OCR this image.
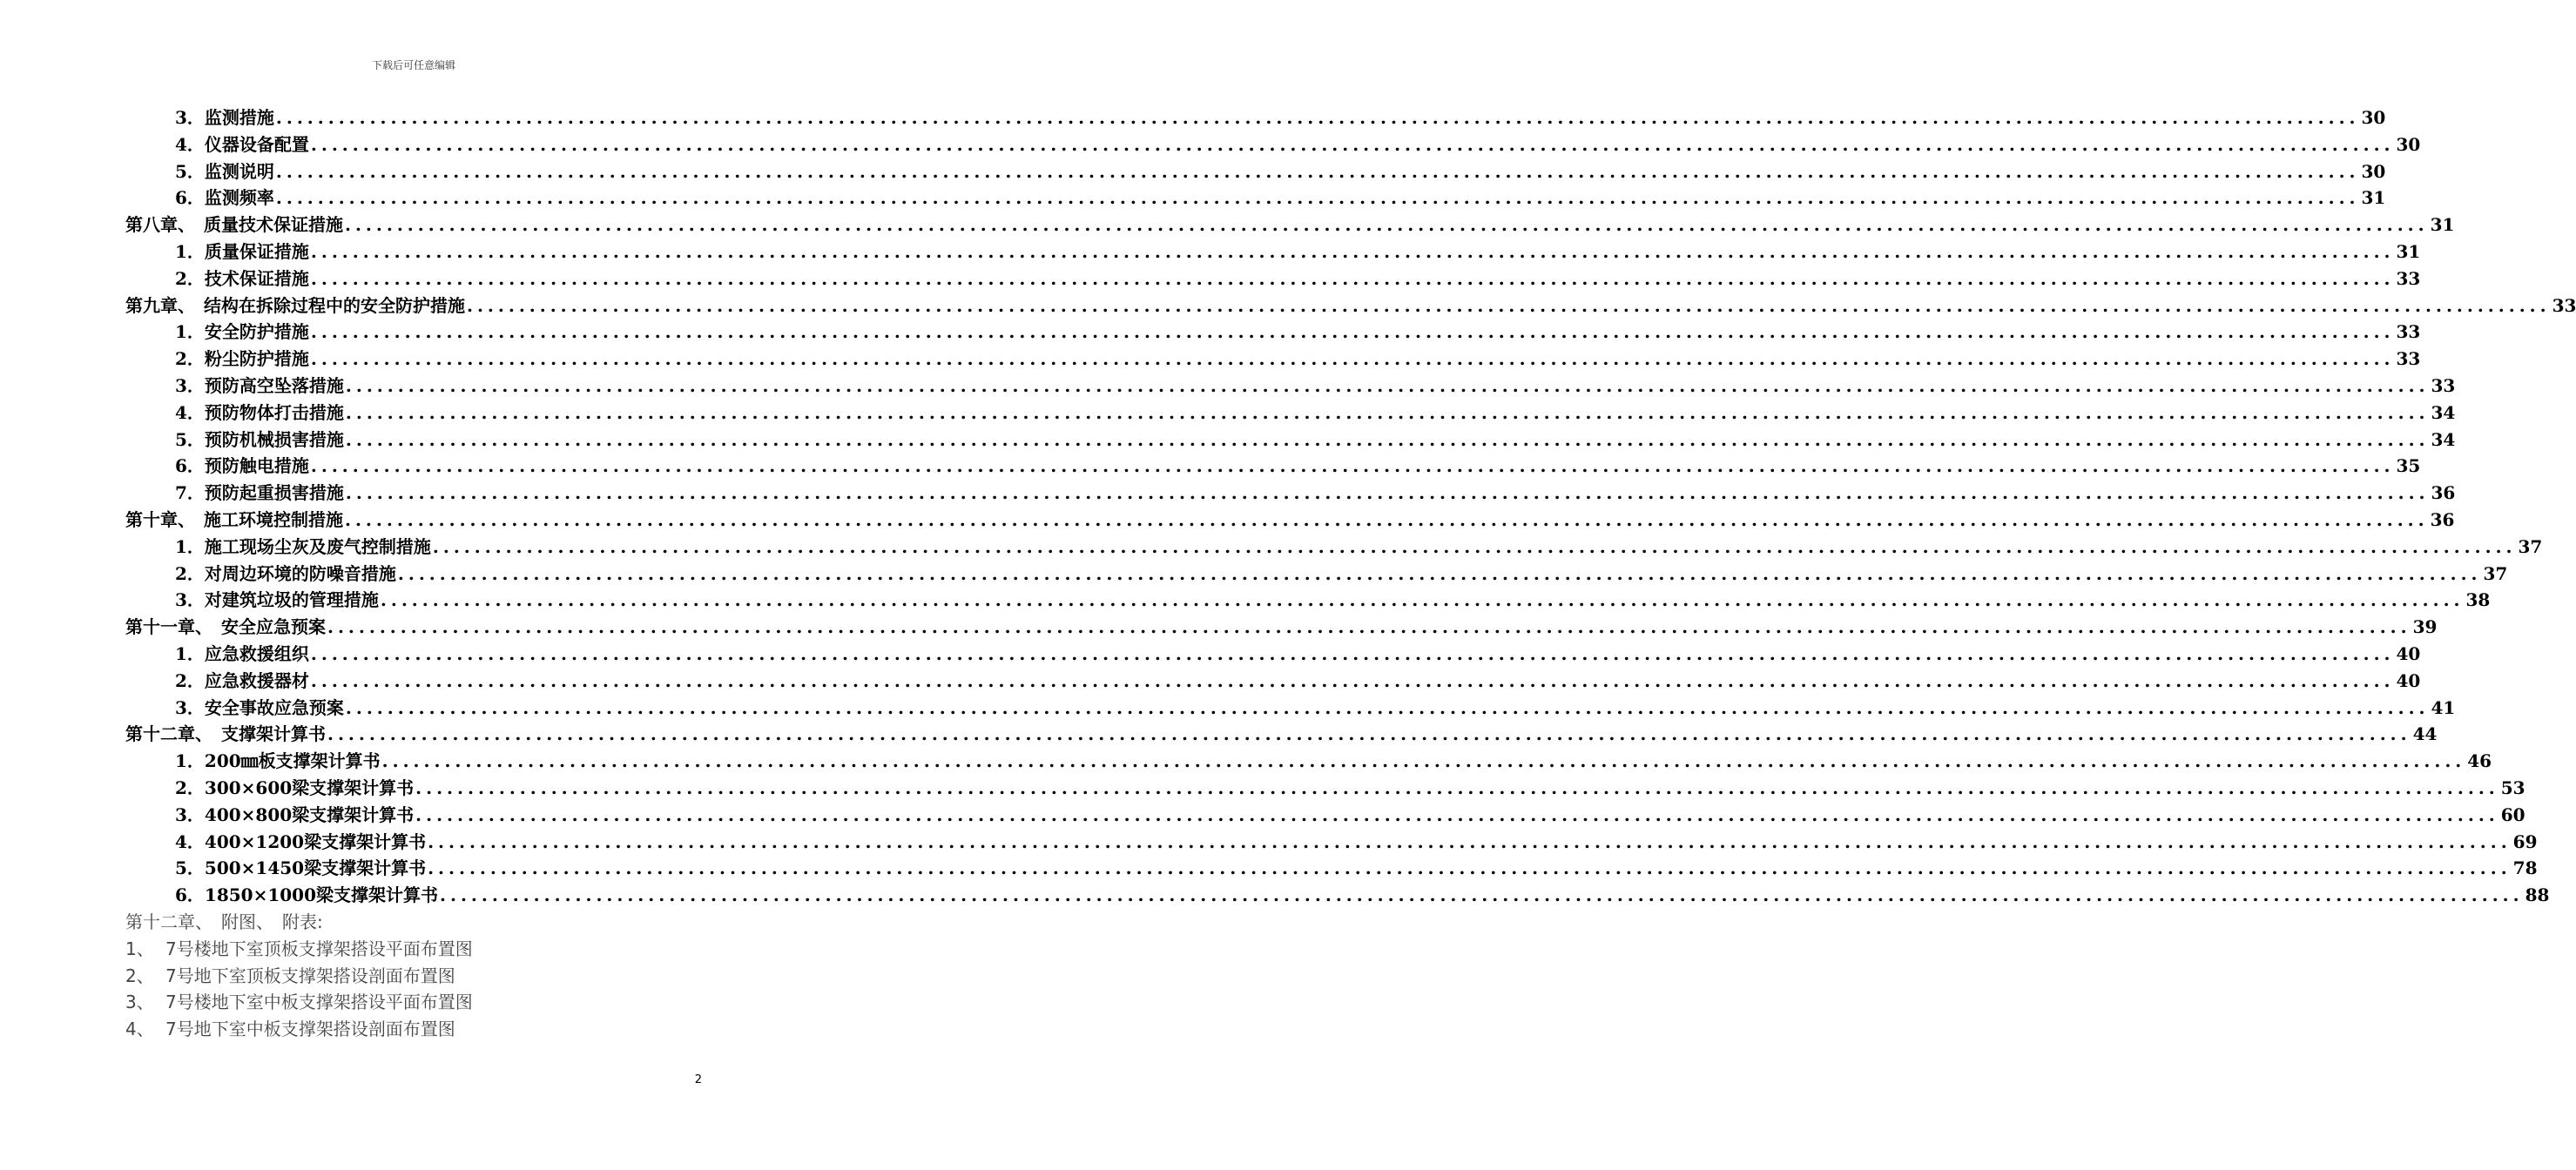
下载后可任意编辑
3．监测措施 ........................................................................................................................................................................................................ 30
4．仪器设备配置 ........................................................................................................................................................................................................ 30
5．监测说明 ........................................................................................................................................................................................................ 30
6．监测频率 ........................................................................................................................................................................................................ 31
第八章、　质量技术保证措施 ........................................................................................................................................................................................................ 31
1．质量保证措施 ........................................................................................................................................................................................................ 31
2．技术保证措施 ........................................................................................................................................................................................................ 33
第九章、　结构在拆除过程中的安全防护措施 ........................................................................................................................................................................................................ 33
1．安全防护措施 ........................................................................................................................................................................................................ 33
2．粉尘防护措施 ........................................................................................................................................................................................................ 33
3．预防高空坠落措施 ........................................................................................................................................................................................................ 33
4．预防物体打击措施 ........................................................................................................................................................................................................ 34
5．预防机械损害措施 ........................................................................................................................................................................................................ 34
6．预防触电措施 ........................................................................................................................................................................................................ 35
7．预防起重损害措施 ........................................................................................................................................................................................................ 36
第十章、　施工环境控制措施 ........................................................................................................................................................................................................ 36
1．施工现场尘灰及废气控制措施 ........................................................................................................................................................................................................ 37
2．对周边环境的防噪音措施 ........................................................................................................................................................................................................ 37
3．对建筑垃圾的管理措施 ........................................................................................................................................................................................................ 38
第十一章、　安全应急预案 ........................................................................................................................................................................................................ 39
1．应急救援组织 ........................................................................................................................................................................................................ 40
2．应急救援器材 ........................................................................................................................................................................................................ 40
3．安全事故应急预案 ........................................................................................................................................................................................................ 41
第十二章、　支撑架计算书 ........................................................................................................................................................................................................ 44
1．200㎜板支撑架计算书 ........................................................................................................................................................................................................ 46
2．300×600梁支撑架计算书 ........................................................................................................................................................................................................ 53
3．400×800梁支撑架计算书 ........................................................................................................................................................................................................ 60
4．400×1200梁支撑架计算书 ........................................................................................................................................................................................................ 69
5．500×1450梁支撑架计算书 ........................................................................................................................................................................................................ 78
6．1850×1000梁支撑架计算书 ........................................................................................................................................................................................................ 88
第十二章、　附图、　附表:
1、 7号楼地下室顶板支撑架搭设平面布置图
2、 7号地下室顶板支撑架搭设剖面布置图
3、 7号楼地下室中板支撑架搭设平面布置图
4、 7号地下室中板支撑架搭设剖面布置图
2
